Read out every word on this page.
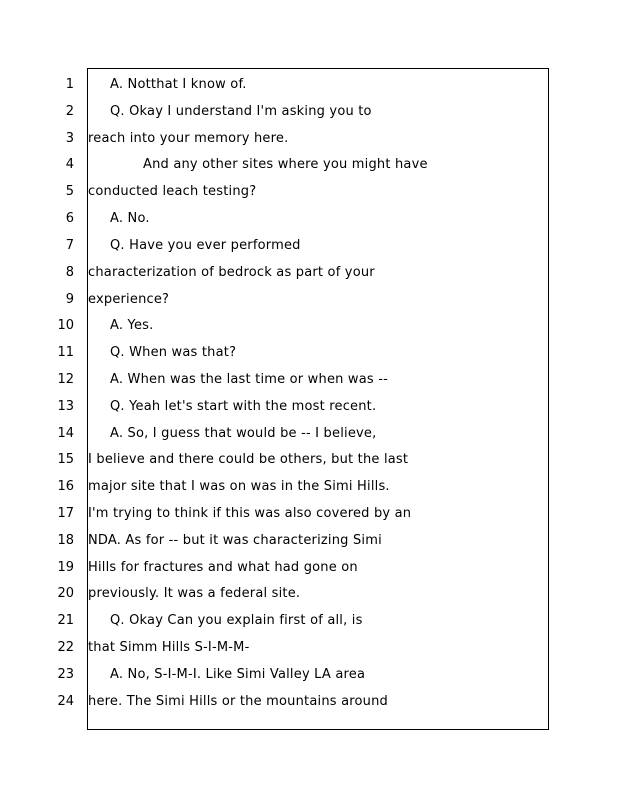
1
2
3
4
5
6
7
8
9
10
11
12
13
14
15
16
17
18
19
20
21
22
23
24
A. Notthat I know of.
Q. Okay I understand I'm asking you to
reach into your memory here.
And any other sites where you might have
conducted leach testing?
A. No.
Q. Have you ever performed
characterization of bedrock as part of your
experience?
A. Yes.
Q. When was that?
A. When was the last time or when was --
Q. Yeah let's start with the most recent.
A. So, I guess that would be -- I believe,
I believe and there could be others, but the last
major site that I was on was in the Simi Hills.
I'm trying to think if this was also covered by an
NDA. As for -- but it was characterizing Simi
Hills for fractures and what had gone on
previously. It was a federal site.
Q. Okay Can you explain first of all, is
that Simm Hills S-I-M-M-
A. No, S-I-M-I. Like Simi Valley LA area
here. The Simi Hills or the mountains around
